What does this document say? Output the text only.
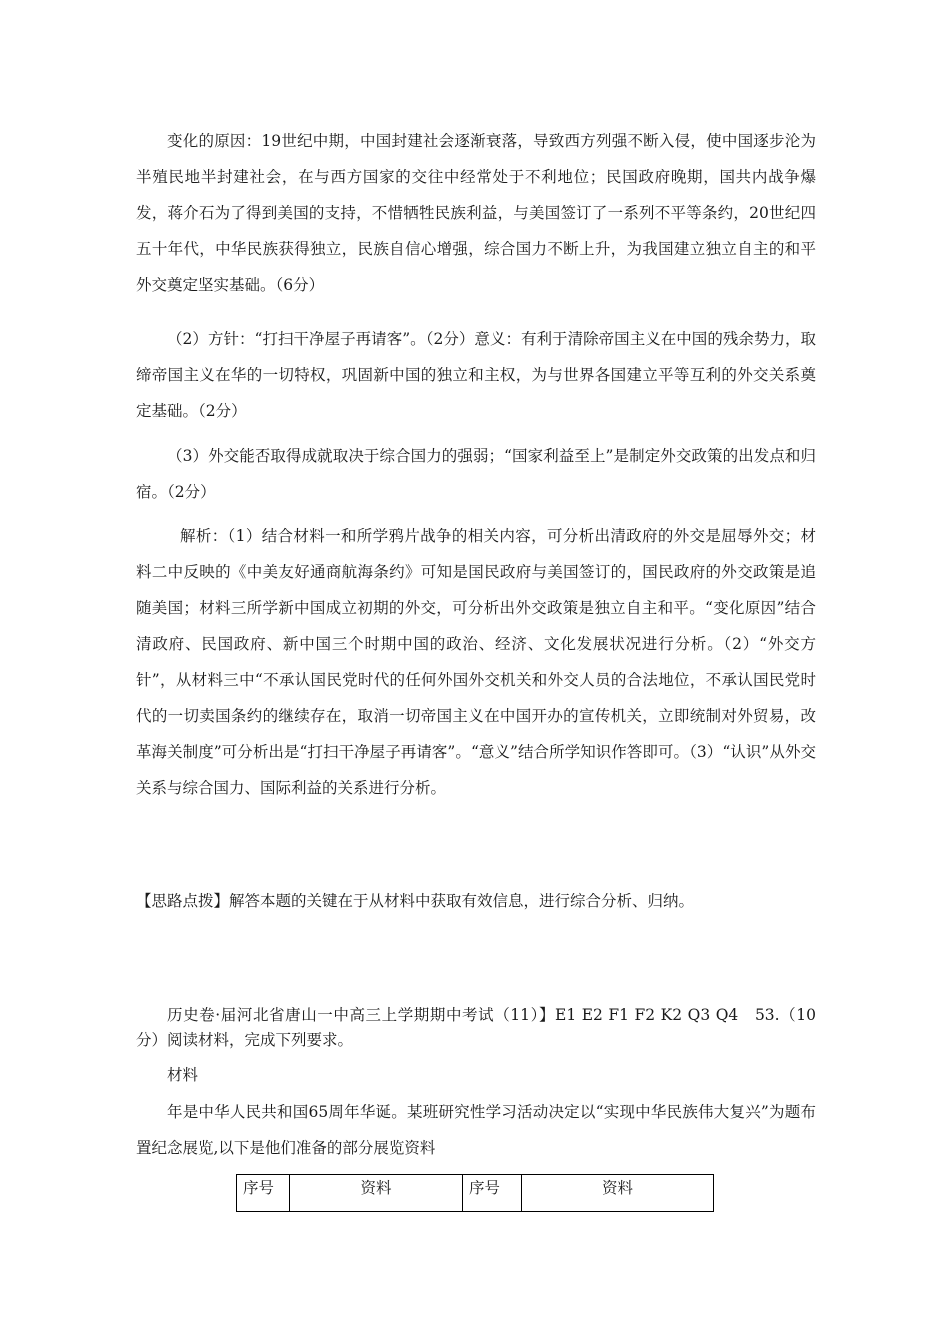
变化的原因：19世纪中期，中国封建社会逐渐衰落，导致西方列强不断入侵，使中国逐步沦为半殖民地半封建社会，在与西方国家的交往中经常处于不利地位；民国政府晚期，国共内战争爆发，蒋介石为了得到美国的支持，不惜牺牲民族利益，与美国签订了一系列不平等条约，20世纪四五十年代，中华民族获得独立，民族自信心增强，综合国力不断上升，为我国建立独立自主的和平外交奠定坚实基础。（6分）

（2）方针：“打扫干净屋子再请客”。（2分）意义：有利于清除帝国主义在中国的残余势力，取缔帝国主义在华的一切特权，巩固新中国的独立和主权，为与世界各国建立平等互利的外交关系奠定基础。（2分）

（3）外交能否取得成就取决于综合国力的强弱；“国家利益至上”是制定外交政策的出发点和归宿。（2分）

解析：（1）结合材料一和所学鸦片战争的相关内容，可分析出清政府的外交是屈辱外交；材料二中反映的《中美友好通商航海条约》可知是国民政府与美国签订的，国民政府的外交政策是追随美国；材料三所学新中国成立初期的外交，可分析出外交政策是独立自主和平。“变化原因”结合清政府、民国政府、新中国三个时期中国的政治、经济、文化发展状况进行分析。（2）“外交方针”，从材料三中“不承认国民党时代的任何外国外交机关和外交人员的合法地位，不承认国民党时代的一切卖国条约的继续存在，取消一切帝国主义在中国开办的宣传机关，立即统制对外贸易，改革海关制度”可分析出是“打扫干净屋子再请客”。“意义”结合所学知识作答即可。（3）“认识”从外交关系与综合国力、国际利益的关系进行分析。

【思路点拨】解答本题的关键在于从材料中获取有效信息，进行综合分析、归纳。

历史卷·届河北省唐山一中高三上学期期中考试（11）】E1 E2 F1 F2 K2 Q3 Q4　53.（10分）阅读材料，完成下列要求。

材料

年是中华人民共和国65周年华诞。某班研究性学习活动决定以“实现中华民族伟大复兴”为题布置纪念展览,以下是他们准备的部分展览资料

序号	资料	序号	资料
